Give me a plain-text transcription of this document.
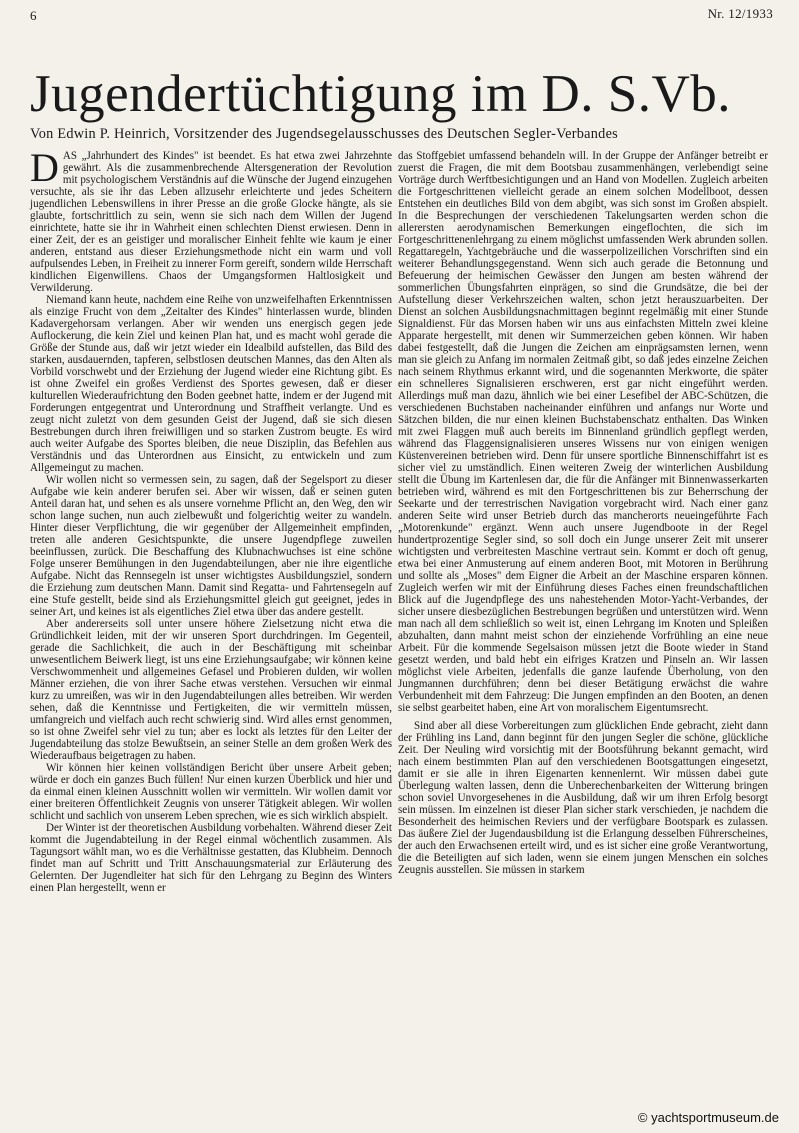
6	Nr. 12/1933
Jugendertüchtigung im D. S.Vb.

Von Edwin P. Heinrich, Vorsitzender des Jugendsegelausschusses des Deutschen Segler-Verbandes

DAS „Jahrhundert des Kindes" ist beendet. Es hat etwa zwei Jahrzehnte gewährt. Als die zusammenbrechende Altersgeneration der Revolution mit psychologischem Verständnis auf die Wünsche der Jugend einzugehen versuchte, als sie ihr das Leben allzusehr erleichterte und jedes Scheitern jugendlichen Lebenswillens in ihrer Presse an die große Glocke hängte, als sie glaubte, fortschrittlich zu sein, wenn sie sich nach dem Willen der Jugend einrichtete, hatte sie ihr in Wahrheit einen schlechten Dienst erwiesen. Denn in einer Zeit, der es an geistiger und moralischer Einheit fehlte wie kaum je einer anderen, entstand aus dieser Erziehungsmethode nicht ein warm und voll aufpulsendes Leben, in Freiheit zu innerer Form gereift, sondern wilde Herrschaft kindlichen Eigenwillens. Chaos der Umgangsformen Haltlosigkeit und Verwilderung.

Niemand kann heute, nachdem eine Reihe von unzweifelhaften Erkenntnissen als einzige Frucht von dem „Zeitalter des Kindes" hinterlassen wurde, blinden Kadavergehorsam verlangen. Aber wir wenden uns energisch gegen jede Auflockerung, die kein Ziel und keinen Plan hat, und es macht wohl gerade die Größe der Stunde aus, daß wir jetzt wieder ein Idealbild aufstellen, das Bild des starken, ausdauernden, tapferen, selbstlosen deutschen Mannes, das den Alten als Vorbild vorschwebt und der Erziehung der Jugend wieder eine Richtung gibt. Es ist ohne Zweifel ein großes Verdienst des Sportes gewesen, daß er dieser kulturellen Wiederaufrichtung den Boden geebnet hatte, indem er der Jugend mit Forderungen entgegentrat und Unterordnung und Straffheit verlangte. Und es zeugt nicht zuletzt von dem gesunden Geist der Jugend, daß sie sich diesen Bestrebungen durch ihren freiwilligen und so starken Zustrom beugte. Es wird auch weiter Aufgabe des Sportes bleiben, die neue Disziplin, das Befehlen aus Verständnis und das Unterordnen aus Einsicht, zu entwickeln und zum Allgemeingut zu machen.

Wir wollen nicht so vermessen sein, zu sagen, daß der Segelsport zu dieser Aufgabe wie kein anderer berufen sei. Aber wir wissen, daß er seinen guten Anteil daran hat, und sehen es als unsere vornehme Pflicht an, den Weg, den wir schon lange suchen, nun auch zielbewußt und folgerichtig weiter zu wandeln. Hinter dieser Verpflichtung, die wir gegenüber der Allgemeinheit empfinden, treten alle anderen Gesichtspunkte, die unsere Jugendpflege zuweilen beeinflussen, zurück. Die Beschaffung des Klubnachwuchses ist eine schöne Folge unserer Bemühungen in den Jugendabteilungen, aber nie ihre eigentliche Aufgabe. Nicht das Rennsegeln ist unser wichtigstes Ausbildungsziel, sondern die Erziehung zum deutschen Mann. Damit sind Regatta- und Fahrtensegeln auf eine Stufe gestellt, beide sind als Erziehungsmittel gleich gut geeignet, jedes in seiner Art, und keines ist als eigentliches Ziel etwa über das andere gestellt.

Aber andererseits soll unter unsere höhere Zielsetzung nicht etwa die Gründlichkeit leiden, mit der wir unseren Sport durchdringen. Im Gegenteil, gerade die Sachlichkeit, die auch in der Beschäftigung mit scheinbar unwesentlichem Beiwerk liegt, ist uns eine Erziehungsaufgabe; wir können keine Verschwommenheit und allgemeines Gefasel und Probieren dulden, wir wollen Männer erziehen, die von ihrer Sache etwas verstehen. Versuchen wir einmal kurz zu umreißen, was wir in den Jugendabteilungen alles betreiben. Wir werden sehen, daß die Kenntnisse und Fertigkeiten, die wir vermitteln müssen, umfangreich und vielfach auch recht schwierig sind. Wird alles ernst genommen, so ist ohne Zweifel sehr viel zu tun; aber es lockt als letztes für den Leiter der Jugendabteilung das stolze Bewußtsein, an seiner Stelle an dem großen Werk des Wiederaufbaus beigetragen zu haben.

Wir können hier keinen vollständigen Bericht über unsere Arbeit geben; würde er doch ein ganzes Buch füllen! Nur einen kurzen Überblick und hier und da einmal einen kleinen Ausschnitt wollen wir vermitteln. Wir wollen damit vor einer breiteren Öffentlichkeit Zeugnis von unserer Tätigkeit ablegen. Wir wollen schlicht und sachlich von unserem Leben sprechen, wie es sich wirklich abspielt.

Der Winter ist der theoretischen Ausbildung vorbehalten. Während dieser Zeit kommt die Jugendabteilung in der Regel einmal wöchentlich zusammen. Als Tagungsort wählt man, wo es die Verhältnisse gestatten, das Klubheim. Dennoch findet man auf Schritt und Tritt Anschauungsmaterial zur Erläuterung des Gelernten. Der Jugendleiter hat sich für den Lehrgang zu Beginn des Winters einen Plan hergestellt, wenn er

das Stoffgebiet umfassend behandeln will. In der Gruppe der Anfänger betreibt er zuerst die Fragen, die mit dem Bootsbau zusammenhängen, verlebendigt seine Vorträge durch Werftbesichtigungen und an Hand von Modellen. Zugleich arbeiten die Fortgeschrittenen vielleicht gerade an einem solchen Modellboot, dessen Entstehen ein deutliches Bild von dem abgibt, was sich sonst im Großen abspielt. In die Besprechungen der verschiedenen Takelungsarten werden schon die allerersten aerodynamischen Bemerkungen eingeflochten, die sich im Fortgeschrittenenlehrgang zu einem möglichst umfassenden Werk abrunden sollen. Regattaregeln, Yachtgebräuche und die wasserpolizeilichen Vorschriften sind ein weiterer Behandlungsgegenstand. Wenn sich auch gerade die Betonnung und Befeuerung der heimischen Gewässer den Jungen am besten während der sommerlichen Übungsfahrten einprägen, so sind die Grundsätze, die bei der Aufstellung dieser Verkehrszeichen walten, schon jetzt herauszuarbeiten. Der Dienst an solchen Ausbildungsnachmittagen beginnt regelmäßig mit einer Stunde Signaldienst. Für das Morsen haben wir uns aus einfachsten Mitteln zwei kleine Apparate hergestellt, mit denen wir Summerzeichen geben können. Wir haben dabei festgestellt, daß die Jungen die Zeichen am einprägsamsten lernen, wenn man sie gleich zu Anfang im normalen Zeitmaß gibt, so daß jedes einzelne Zeichen nach seinem Rhythmus erkannt wird, und die sogenannten Merkworte, die später ein schnelleres Signalisieren erschweren, erst gar nicht eingeführt werden. Allerdings muß man dazu, ähnlich wie bei einer Lesefibel der ABC-Schützen, die verschiedenen Buchstaben nacheinander einführen und anfangs nur Worte und Sätzchen bilden, die nur einen kleinen Buchstabenschatz enthalten. Das Winken mit zwei Flaggen muß auch bereits im Binnenland gründlich gepflegt werden, während das Flaggensignalisieren unseres Wissens nur von einigen wenigen Küstenvereinen betrieben wird. Denn für unsere sportliche Binnenschiffahrt ist es sicher viel zu umständlich. Einen weiteren Zweig der winterlichen Ausbildung stellt die Übung im Kartenlesen dar, die für die Anfänger mit Binnenwasserkarten betrieben wird, während es mit den Fortgeschrittenen bis zur Beherrschung der Seekarte und der terrestrischen Navigation vorgebracht wird. Nach einer ganz anderen Seite wird unser Betrieb durch das mancherorts neueingeführte Fach „Motorenkunde" ergänzt. Wenn auch unsere Jugendboote in der Regel hundertprozentige Segler sind, so soll doch ein Junge unserer Zeit mit unserer wichtigsten und verbreitesten Maschine vertraut sein. Kommt er doch oft genug, etwa bei einer Anmusterung auf einem anderen Boot, mit Motoren in Berührung und sollte als „Moses" dem Eigner die Arbeit an der Maschine ersparen können. Zugleich werfen wir mit der Einführung dieses Faches einen freundschaftlichen Blick auf die Jugendpflege des uns nahestehenden Motor-Yacht-Verbandes, der sicher unsere diesbezüglichen Bestrebungen begrüßen und unterstützen wird. Wenn man nach all dem schließlich so weit ist, einen Lehrgang im Knoten und Spleißen abzuhalten, dann mahnt meist schon der einziehende Vorfrühling an eine neue Arbeit. Für die kommende Segelsaison müssen jetzt die Boote wieder in Stand gesetzt werden, und bald hebt ein eifriges Kratzen und Pinseln an. Wir lassen möglichst viele Arbeiten, jedenfalls die ganze laufende Überholung, von den Jungmannen durchführen; denn bei dieser Betätigung erwächst die wahre Verbundenheit mit dem Fahrzeug: Die Jungen empfinden an den Booten, an denen sie selbst gearbeitet haben, eine Art von moralischem Eigentumsrecht.

Sind aber all diese Vorbereitungen zum glücklichen Ende gebracht, zieht dann der Frühling ins Land, dann beginnt für den jungen Segler die schöne, glückliche Zeit. Der Neuling wird vorsichtig mit der Bootsführung bekannt gemacht, wird nach einem bestimmten Plan auf den verschiedenen Bootsgattungen eingesetzt, damit er sie alle in ihren Eigenarten kennenlernt. Wir müssen dabei gute Überlegung walten lassen, denn die Unberechenbarkeiten der Witterung bringen schon soviel Unvorgesehenes in die Ausbildung, daß wir um ihren Erfolg besorgt sein müssen. Im einzelnen ist dieser Plan sicher stark verschieden, je nachdem die Besonderheit des heimischen Reviers und der verfügbare Bootspark es zulassen. Das äußere Ziel der Jugendausbildung ist die Erlangung desselben Führerscheines, der auch den Erwachsenen erteilt wird, und es ist sicher eine große Verantwortung, die die Beteiligten auf sich laden, wenn sie einem jungen Menschen ein solches Zeugnis ausstellen. Sie müssen in starkem

© yachtsportmuseum.de
